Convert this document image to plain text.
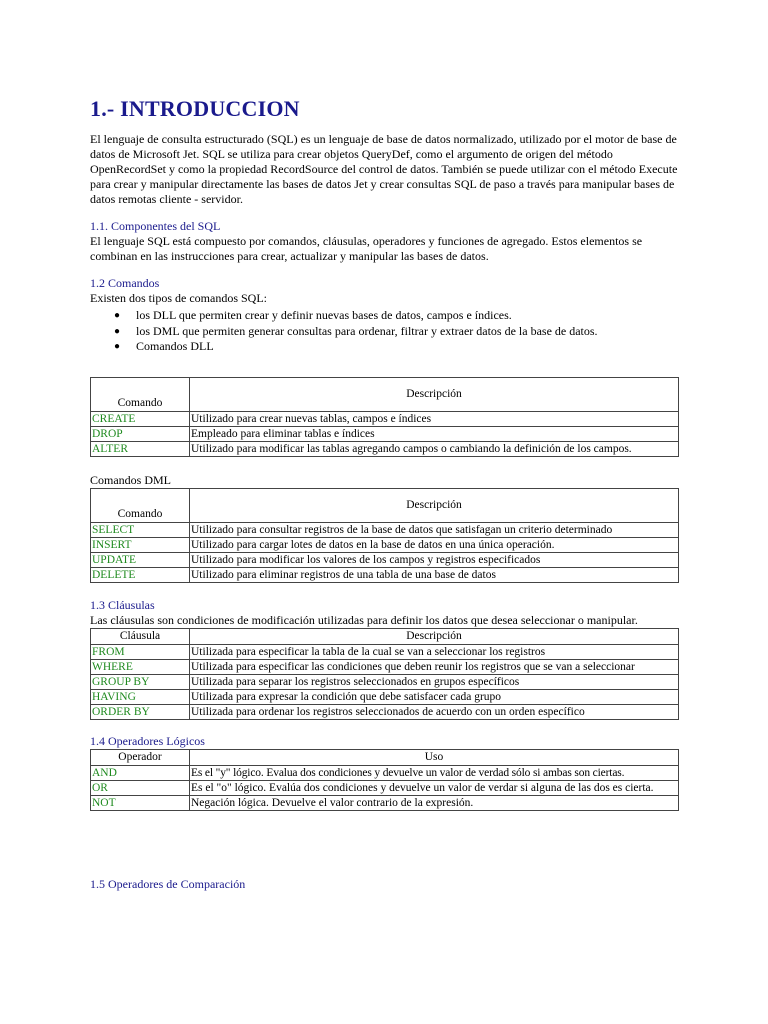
1.- INTRODUCCION

El lenguaje de consulta estructurado (SQL) es un lenguaje de base de datos normalizado, utilizado por el motor de base de datos de Microsoft Jet. SQL se utiliza para crear objetos QueryDef, como el argumento de origen del método OpenRecordSet y como la propiedad RecordSource del control de datos. También se puede utilizar con el método Execute para crear y manipular directamente las bases de datos Jet y crear consultas SQL de paso a través para manipular bases de datos remotas cliente - servidor.

1.1. Componentes del SQL

El lenguaje SQL está compuesto por comandos, cláusulas, operadores y funciones de agregado. Estos elementos se combinan en las instrucciones para crear, actualizar y manipular las bases de datos.

1.2 Comandos

Existen dos tipos de comandos SQL:

● los DLL que permiten crear y definir nuevas bases de datos, campos e índices.
● los DML que permiten generar consultas para ordenar, filtrar y extraer datos de la base de datos.
● Comandos DLL
Comando	Descripción
CREATE	Utilizado para crear nuevas tablas, campos e índices
DROP	Empleado para eliminar tablas e índices
ALTER	Utilizado para modificar las tablas agregando campos o cambiando la definición de los campos.
Comandos DML
Comando	Descripción
SELECT	Utilizado para consultar registros de la base de datos que satisfagan un criterio determinado
INSERT	Utilizado para cargar lotes de datos en la base de datos en una única operación.
UPDATE	Utilizado para modificar los valores de los campos y registros especificados
DELETE	Utilizado para eliminar registros de una tabla de una base de datos
1.3 Cláusulas

Las cláusulas son condiciones de modificación utilizadas para definir los datos que desea seleccionar o manipular.

Cláusula	Descripción
FROM	Utilizada para especificar la tabla de la cual se van a seleccionar los registros
WHERE	Utilizada para especificar las condiciones que deben reunir los registros que se van a seleccionar
GROUP BY	Utilizada para separar los registros seleccionados en grupos específicos
HAVING	Utilizada para expresar la condición que debe satisfacer cada grupo
ORDER BY	Utilizada para ordenar los registros seleccionados de acuerdo con un orden específico
1.4 Operadores Lógicos
Operador	Uso
AND	Es el "y" lógico. Evalua dos condiciones y devuelve un valor de verdad sólo si ambas son ciertas.
OR	Es el "o" lógico. Evalúa dos condiciones y devuelve un valor de verdar si alguna de las dos es cierta.
NOT	Negación lógica. Devuelve el valor contrario de la expresión.
1.5 Operadores de Comparación
